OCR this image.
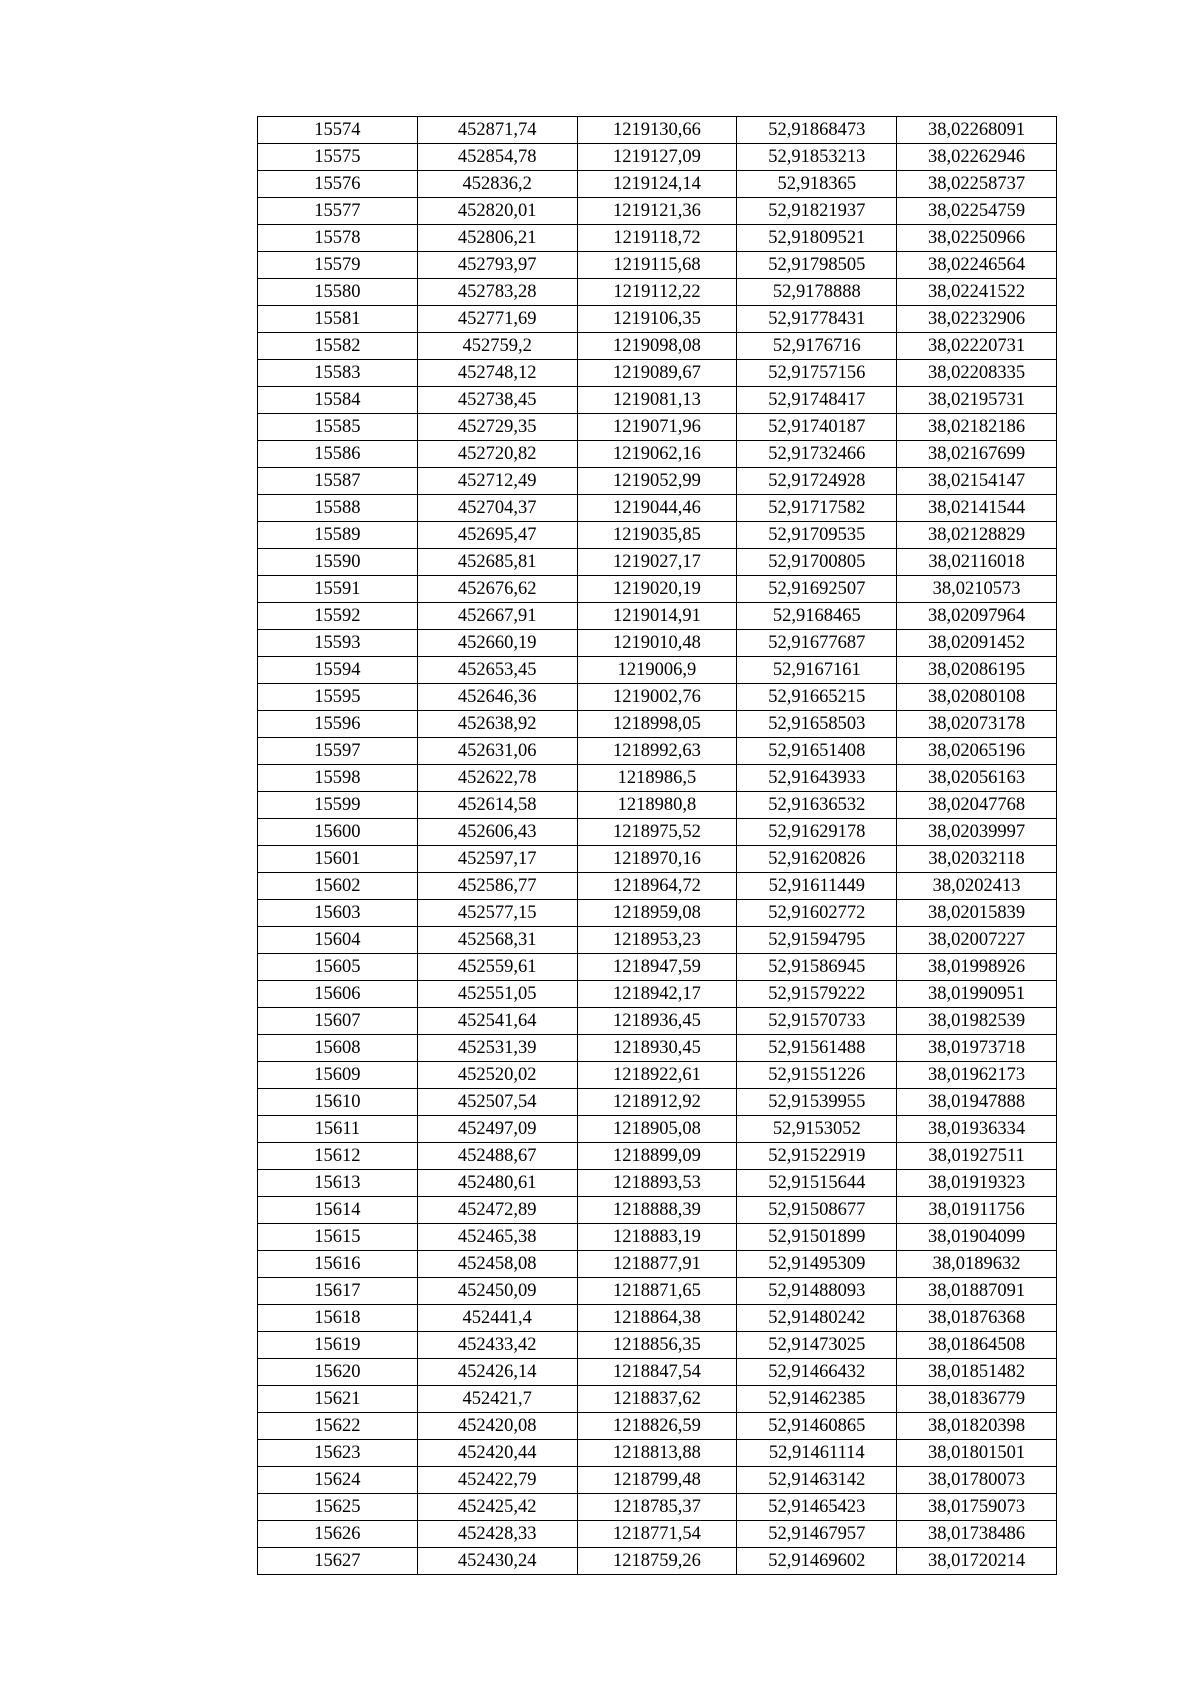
15574	452871,74	1219130,66	52,91868473	38,02268091
15575	452854,78	1219127,09	52,91853213	38,02262946
15576	452836,2	1219124,14	52,918365	38,02258737
15577	452820,01	1219121,36	52,91821937	38,02254759
15578	452806,21	1219118,72	52,91809521	38,02250966
15579	452793,97	1219115,68	52,91798505	38,02246564
15580	452783,28	1219112,22	52,9178888	38,02241522
15581	452771,69	1219106,35	52,91778431	38,02232906
15582	452759,2	1219098,08	52,9176716	38,02220731
15583	452748,12	1219089,67	52,91757156	38,02208335
15584	452738,45	1219081,13	52,91748417	38,02195731
15585	452729,35	1219071,96	52,91740187	38,02182186
15586	452720,82	1219062,16	52,91732466	38,02167699
15587	452712,49	1219052,99	52,91724928	38,02154147
15588	452704,37	1219044,46	52,91717582	38,02141544
15589	452695,47	1219035,85	52,91709535	38,02128829
15590	452685,81	1219027,17	52,91700805	38,02116018
15591	452676,62	1219020,19	52,91692507	38,0210573
15592	452667,91	1219014,91	52,9168465	38,02097964
15593	452660,19	1219010,48	52,91677687	38,02091452
15594	452653,45	1219006,9	52,9167161	38,02086195
15595	452646,36	1219002,76	52,91665215	38,02080108
15596	452638,92	1218998,05	52,91658503	38,02073178
15597	452631,06	1218992,63	52,91651408	38,02065196
15598	452622,78	1218986,5	52,91643933	38,02056163
15599	452614,58	1218980,8	52,91636532	38,02047768
15600	452606,43	1218975,52	52,91629178	38,02039997
15601	452597,17	1218970,16	52,91620826	38,02032118
15602	452586,77	1218964,72	52,91611449	38,0202413
15603	452577,15	1218959,08	52,91602772	38,02015839
15604	452568,31	1218953,23	52,91594795	38,02007227
15605	452559,61	1218947,59	52,91586945	38,01998926
15606	452551,05	1218942,17	52,91579222	38,01990951
15607	452541,64	1218936,45	52,91570733	38,01982539
15608	452531,39	1218930,45	52,91561488	38,01973718
15609	452520,02	1218922,61	52,91551226	38,01962173
15610	452507,54	1218912,92	52,91539955	38,01947888
15611	452497,09	1218905,08	52,9153052	38,01936334
15612	452488,67	1218899,09	52,91522919	38,01927511
15613	452480,61	1218893,53	52,91515644	38,01919323
15614	452472,89	1218888,39	52,91508677	38,01911756
15615	452465,38	1218883,19	52,91501899	38,01904099
15616	452458,08	1218877,91	52,91495309	38,0189632
15617	452450,09	1218871,65	52,91488093	38,01887091
15618	452441,4	1218864,38	52,91480242	38,01876368
15619	452433,42	1218856,35	52,91473025	38,01864508
15620	452426,14	1218847,54	52,91466432	38,01851482
15621	452421,7	1218837,62	52,91462385	38,01836779
15622	452420,08	1218826,59	52,91460865	38,01820398
15623	452420,44	1218813,88	52,91461114	38,01801501
15624	452422,79	1218799,48	52,91463142	38,01780073
15625	452425,42	1218785,37	52,91465423	38,01759073
15626	452428,33	1218771,54	52,91467957	38,01738486
15627	452430,24	1218759,26	52,91469602	38,01720214
